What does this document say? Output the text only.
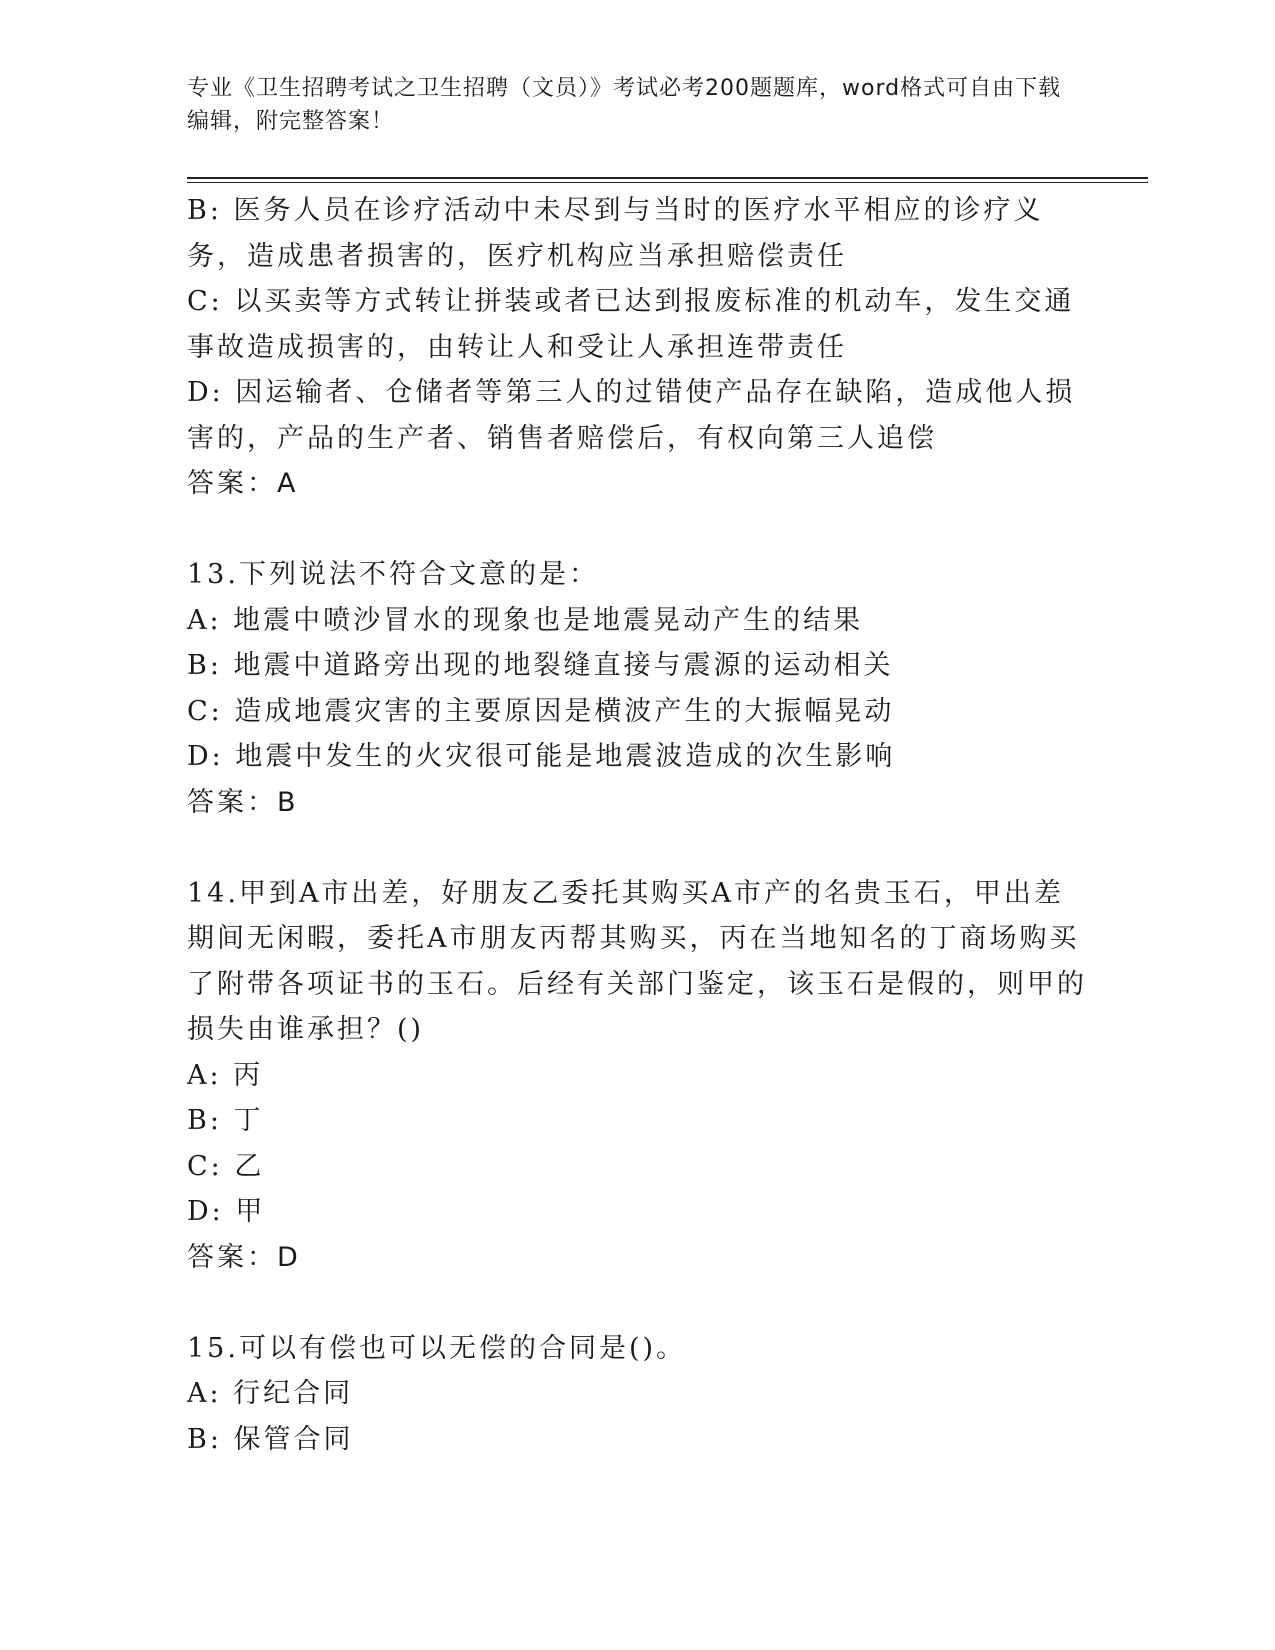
专业《卫生招聘考试之卫生招聘（文员）》考试必考200题题库，word格式可自由下载编辑，附完整答案！

B: 医务人员在诊疗活动中未尽到与当时的医疗水平相应的诊疗义务，造成患者损害的，医疗机构应当承担赔偿责任

C: 以买卖等方式转让拼装或者已达到报废标准的机动车，发生交通事故造成损害的，由转让人和受让人承担连带责任

D: 因运输者、仓储者等第三人的过错使产品存在缺陷，造成他人损害的，产品的生产者、销售者赔偿后，有权向第三人追偿

答案：A

13.下列说法不符合文意的是：

A: 地震中喷沙冒水的现象也是地震晃动产生的结果

B: 地震中道路旁出现的地裂缝直接与震源的运动相关

C: 造成地震灾害的主要原因是横波产生的大振幅晃动

D: 地震中发生的火灾很可能是地震波造成的次生影响

答案：B

14.甲到A市出差，好朋友乙委托其购买A市产的名贵玉石，甲出差期间无闲暇，委托A市朋友丙帮其购买，丙在当地知名的丁商场购买了附带各项证书的玉石。后经有关部门鉴定，该玉石是假的，则甲的损失由谁承担？()

A: 丙

B: 丁

C: 乙

D: 甲

答案：D

15.可以有偿也可以无偿的合同是()。

A: 行纪合同

B: 保管合同
